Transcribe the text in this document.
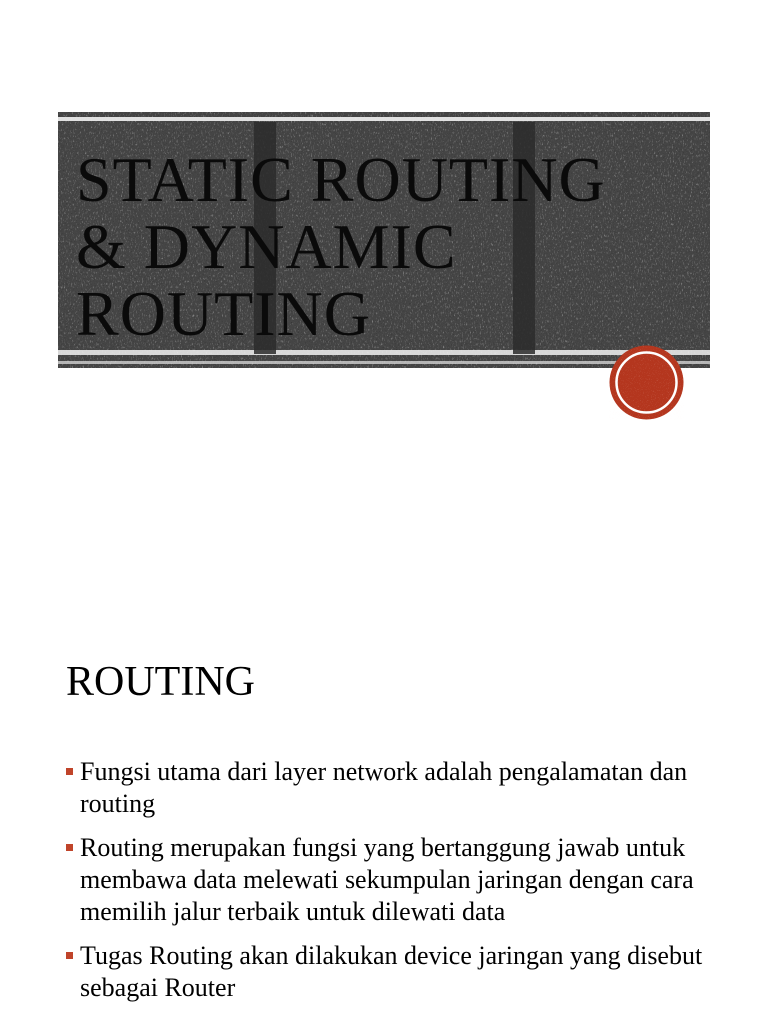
STATIC ROUTING
& DYNAMIC
ROUTING
ROUTING
Fungsi utama dari layer network adalah pengalamatan dan routing
Routing merupakan fungsi yang bertanggung jawab untuk membawa data melewati sekumpulan jaringan dengan cara memilih jalur terbaik untuk dilewati data
Tugas Routing akan dilakukan device jaringan yang disebut sebagai Router
